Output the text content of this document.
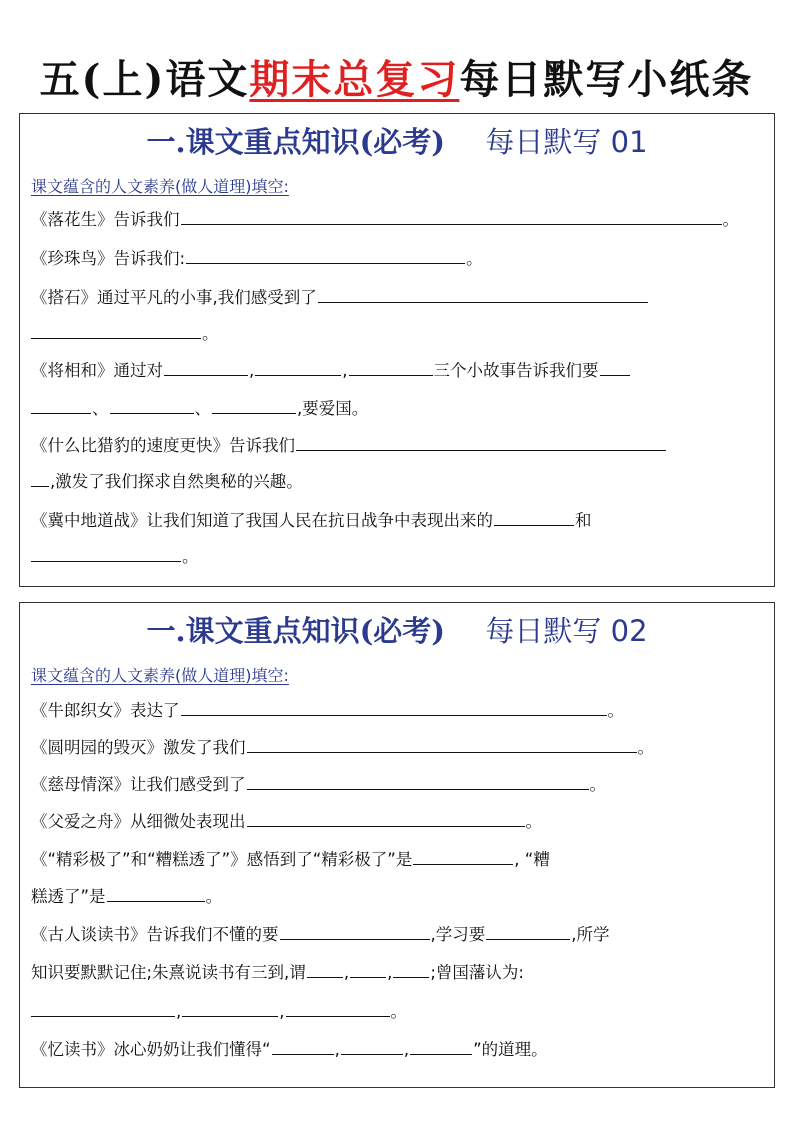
五(上)语文期末总复习每日默写小纸条
一.课文重点知识(必考) 每日默写 01
课文蕴含的人文素养(做人道理)填空:
《落花生》告诉我们	。
《珍珠鸟》告诉我们:	。
《搭石》通过平凡的小事,我们感受到了
。
《将相和》通过对	,	,	三个小故事告诉我们要
、	、	,要爱国。
《什么比猎豹的速度更快》告诉我们
,激发了我们探求自然奥秘的兴趣。
《冀中地道战》让我们知道了我国人民在抗日战争中表现出来的	和
。
一.课文重点知识(必考) 每日默写 02
课文蕴含的人文素养(做人道理)填空:
《牛郎织女》表达了	。
《圆明园的毁灭》激发了我们	。
《慈母情深》让我们感受到了	。
《父爱之舟》从细微处表现出	。
《“精彩极了”和“糟糕透了”》感悟到了“精彩极了”是	, “糟
糕透了”是	。
《古人谈读书》告诉我们不懂的要	,学习要	,所学
知识要默默记住;朱熹说读书有三到,谓 , , ;曾国藩认为:
,	,	。
《忆读书》冰心奶奶让我们懂得“	,	,	”的道理。
